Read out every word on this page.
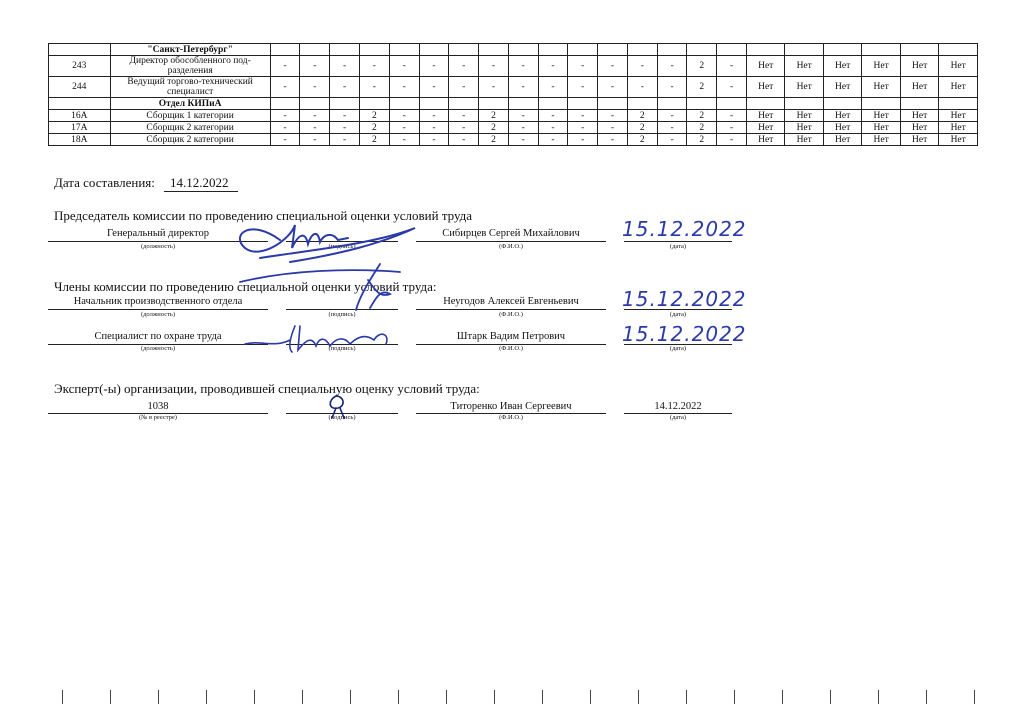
	"Санкт-Петербург"																						
243	Директор обособленного под-разделения	-	-	-	-	-	-	-	-	-	-	-	-	-	-	2	-	Нет	Нет	Нет	Нет	Нет	Нет
244	Ведущий торгово-технический специалист	-	-	-	-	-	-	-	-	-	-	-	-	-	-	2	-	Нет	Нет	Нет	Нет	Нет	Нет
	Отдел КИПиА																						
16А	Сборщик 1 категории	-	-	-	2	-	-	-	2	-	-	-	-	2	-	2	-	Нет	Нет	Нет	Нет	Нет	Нет
17А	Сборщик 2 категории	-	-	-	2	-	-	-	2	-	-	-	-	2	-	2	-	Нет	Нет	Нет	Нет	Нет	Нет
18А	Сборщик 2 категории	-	-	-	2	-	-	-	2	-	-	-	-	2	-	2	-	Нет	Нет	Нет	Нет	Нет	Нет
Дата составления: 14.12.2022
Председатель комиссии по проведению специальной оценки условий труда
Генеральный директор
(должность)	(подпись)
Сибирцев Сергей Михайлович
(Ф.И.О.)
15.12.2022
(дата)
Члены комиссии по проведению специальной оценки условий труда:
Начальник производственного отдела
(должность)	(подпись)
Неугодов Алексей Евгеньевич
(Ф.И.О.)
15.12.2022
(дата)
Специалист по охране труда
(должность)	(подпись)
Штарк Вадим Петрович
(Ф.И.О.)
15.12.2022
(дата)
Эксперт(-ы) организации, проводившей специальную оценку условий труда:
1038
(№ в реестре)	(подпись)
Титоренко Иван Сергеевич
(Ф.И.О.)
14.12.2022
(дата)
